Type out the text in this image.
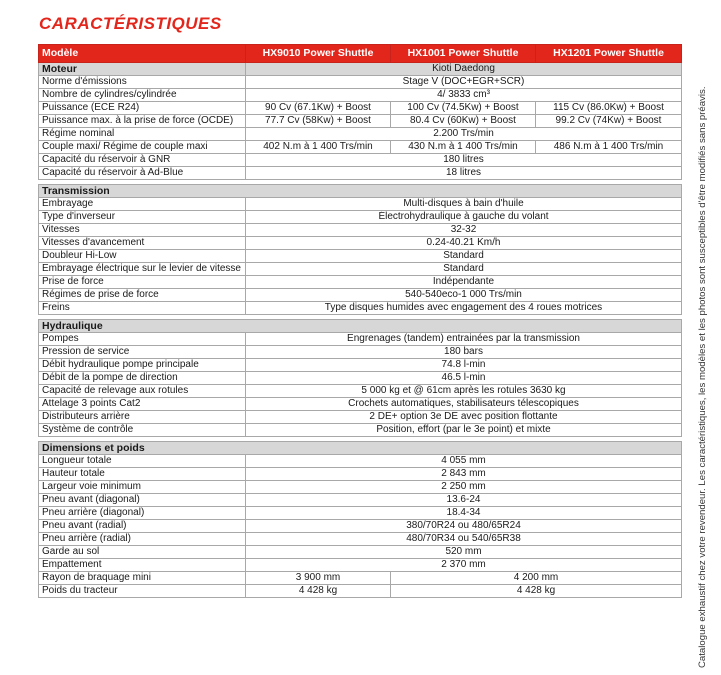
CARACTÉRISTIQUES
Modèle	HX9010 Power Shuttle	HX1001 Power Shuttle	HX1201 Power Shuttle
Moteur	Kioti Daedong		
Norme d'émissions	Stage V (DOC+EGR+SCR)		
Nombre de cylindres/cylindrée	4/ 3833 cm³		
Puissance (ECE R24)	90 Cv (67.1Kw) + Boost	100 Cv (74.5Kw) + Boost	115 Cv (86.0Kw) + Boost
Puissance max. à la prise de force (OCDE)	77.7 Cv (58Kw) + Boost	80.4 Cv (60Kw) + Boost	99.2 Cv (74Kw) + Boost
Régime nominal	2.200 Trs/min		
Couple maxi/ Régime de couple maxi	402 N.m à 1 400 Trs/min	430 N.m à 1 400 Trs/min	486 N.m à 1 400 Trs/min
Capacité du réservoir à GNR	180 litres		
Capacité du réservoir à Ad-Blue	18 litres		

Transmission			
Embrayage	Multi-disques à bain d'huile		
Type d'inverseur	Électrohydraulique à gauche du volant		
Vitesses	32-32		
Vitesses d'avancement	0.24-40.21 Km/h		
Doubleur Hi-Low	Standard		
Embrayage électrique sur le levier de vitesse	Standard		
Prise de force	Indépendante		
Régimes de prise de force	540-540eco-1 000 Trs/min		
Freins	Type disques humides avec engagement des 4 roues motrices		

Hydraulique			
Pompes	Engrenages (tandem) entrainées par la transmission		
Pression de service	180 bars		
Débit hydraulique pompe principale	74.8 l-min		
Débit de la pompe de direction	46.5 l-min		
Capacité de relevage aux rotules	5 000 kg et @ 61cm après les rotules 3630 kg		
Attelage 3 points Cat2	Crochets automatiques, stabilisateurs télescopiques		
Distributeurs arrière	2 DE+ option 3e DE avec position flottante		
Système de contrôle	Position, effort (par le 3e point) et mixte		

Dimensions et poids			
Longueur totale	4 055 mm		
Hauteur totale	2 843 mm		
Largeur voie minimum	2 250 mm		
Pneu avant (diagonal)	13.6-24		
Pneu arrière (diagonal)	18.4-34		
Pneu avant (radial)	380/70R24 ou 480/65R24		
Pneu arrière (radial)	480/70R34 ou 540/65R38		
Garde au sol	520 mm		
Empattement	2 370 mm		
Rayon de braquage mini	3 900 mm	4 200 mm	
Poids du tracteur	4 428 kg	4 428 kg		Catalogue exhaustif chez votre revendeur. Les caractéristiques, les modèles et les photos sont susceptibles d'être modifiés sans préavis.
